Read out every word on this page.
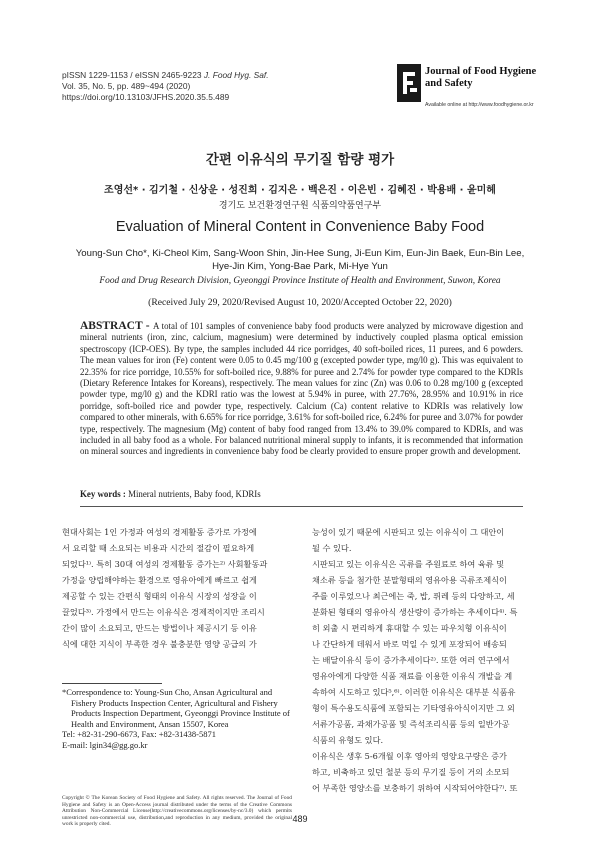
pISSN 1229-1153 / eISSN 2465-9223 J. Food Hyg. Saf.
Vol. 35, No. 5, pp. 489~494 (2020)
https://doi.org/10.13103/JFHS.2020.35.5.489
Journal of Food Hygiene
and Safety
Available online at http://www.foodhygiene.or.kr
간편 이유식의 무기질 함량 평가
조영선* · 김기철 · 신상운 · 성진희 · 김지은 · 백은진 · 이은빈 · 김혜진 · 박용배 · 윤미헤
경기도 보건환경연구원 식품의약품연구부
Evaluation of Mineral Content in Convenience Baby Food
Young-Sun Cho*, Ki-Cheol Kim, Sang-Woon Shin, Jin-Hee Sung, Ji-Eun Kim, Eun-Jin Baek, Eun-Bin Lee, Hye-Jin Kim, Yong-Bae Park, Mi-Hye Yun
Food and Drug Research Division, Gyeonggi Province Institute of Health and Environment, Suwon, Korea
(Received July 29, 2020/Revised August 10, 2020/Accepted October 22, 2020)
ABSTRACT - A total of 101 samples of convenience baby food products were analyzed by microwave digestion and mineral nutrients (iron, zinc, calcium, magnesium) were determined by inductively coupled plasma optical emission spectroscopy (ICP-OES). By type, the samples included 44 rice porridges, 40 soft-boiled rices, 11 purees, and 6 powders. The mean values for iron (Fe) content were 0.05 to 0.45 mg/100 g (excepted powder type, mg/l0 g). This was equivalent to 22.35% for rice porridge, 10.55% for soft-boiled rice, 9.88% for puree and 2.74% for powder type compared to the KDRIs (Dietary Reference Intakes for Koreans), respectively. The mean values for zinc (Zn) was 0.06 to 0.28 mg/100 g (excepted powder type, mg/l0 g) and the KDRI ratio was the lowest at 5.94% in puree, with 27.76%, 28.95% and 10.91% in rice porridge, soft-boiled rice and powder type, respectively. Calcium (Ca) content relative to KDRIs was relatively low compared to other minerals, with 6.65% for rice porridge, 3.61% for soft-boiled rice, 6.24% for puree and 3.07% for powder type, respectively. The magnesium (Mg) content of baby food ranged from 13.4% to 39.0% compared to KDRIs, and was included in all baby food as a whole. For balanced nutritional mineral supply to infants, it is recommended that information on mineral sources and ingredients in convenience baby food be clearly provided to ensure proper growth and development.
Key words : Mineral nutrients, Baby food, KDRIs

현대사회는 1인 가정과 여성의 경제활동 증가로 가정에

서 요리할 때 소요되는 비용과 시간의 절감이 필요하게

되었다¹⁾. 특히 30대 여성의 경제활동 증가는²⁾ 사회활동과

가정을 양립해야하는 환경으로 영유아에게 빠르고 쉽게

제공할 수 있는 간편식 형태의 이유식 시장의 성장을 이

끌었다³⁾. 가정에서 만드는 이유식은 경제적이지만 조리시

간이 많이 소요되고, 만드는 방법이나 제공시기 등 이유

식에 대한 지식이 부족한 경우 불충분한 영양 공급의 가

능성이 있기 때문에 시판되고 있는 이유식이 그 대안이

될 수 있다.

시판되고 있는 이유식은 곡류를 주원료로 하여 육류 및

채소류 등을 첨가한 분말형태의 영유아용 곡류조제식이

주를 이루었으나 최근에는 죽, 밥, 퓌레 등의 다양하고, 세

분화된 형태의 영유아식 생산량이 증가하는 추세이다⁴⁾. 특

히 외출 시 편리하게 휴대할 수 있는 파우치형 이유식이

나 간단하게 데워서 바로 먹일 수 있게 포장되어 배송되

는 배달이유식 등이 증가추세이다²⁾. 또한 여러 연구에서

영유아에게 다양한 식품 재료를 이용한 이유식 개발을 계

속하여 시도하고 있다⁵,⁶⁾. 이러한 이유식은 대부분 식품유

형이 특수용도식품에 포함되는 기타영유아식이지만 그 외

서류가공품, 과채가공품 및 즉석조리식품 등의 일반가공

식품의 유형도 있다.

이유식은 생후 5-6개월 이후 영아의 영양요구량은 증가

하고, 비축하고 있던 철분 등의 무기질 등이 거의 소모되

어 부족한 영양소를 보충하기 위하여 시작되어야한다⁷⁾. 또

*Correspondence to: Young-Sun Cho, Ansan Agricultural and
Fishery Products Inspection Center, Agricultural and Fishery
Products Inspection Department, Gyeonggi Province Institute of
Health and Environment, Ansan 15507, Korea
Tel: +82-31-290-6673, Fax: +82-31438-5871
E-mail: lgin34@gg.go.kr
Copyright © The Korean Society of Food Hygiene and Safety. All rights reserved. The Journal of Food Hygiene and Safety is an Open-Access journal distributed under the terms of the Creative Commons Attribution Non-Commercial License(http://creativecommons.org/licenses/by-nc/3.0) which permits unrestricted non-commercial use, distribution,and reproduction in any medium, provided the original work is properly cited.
489
